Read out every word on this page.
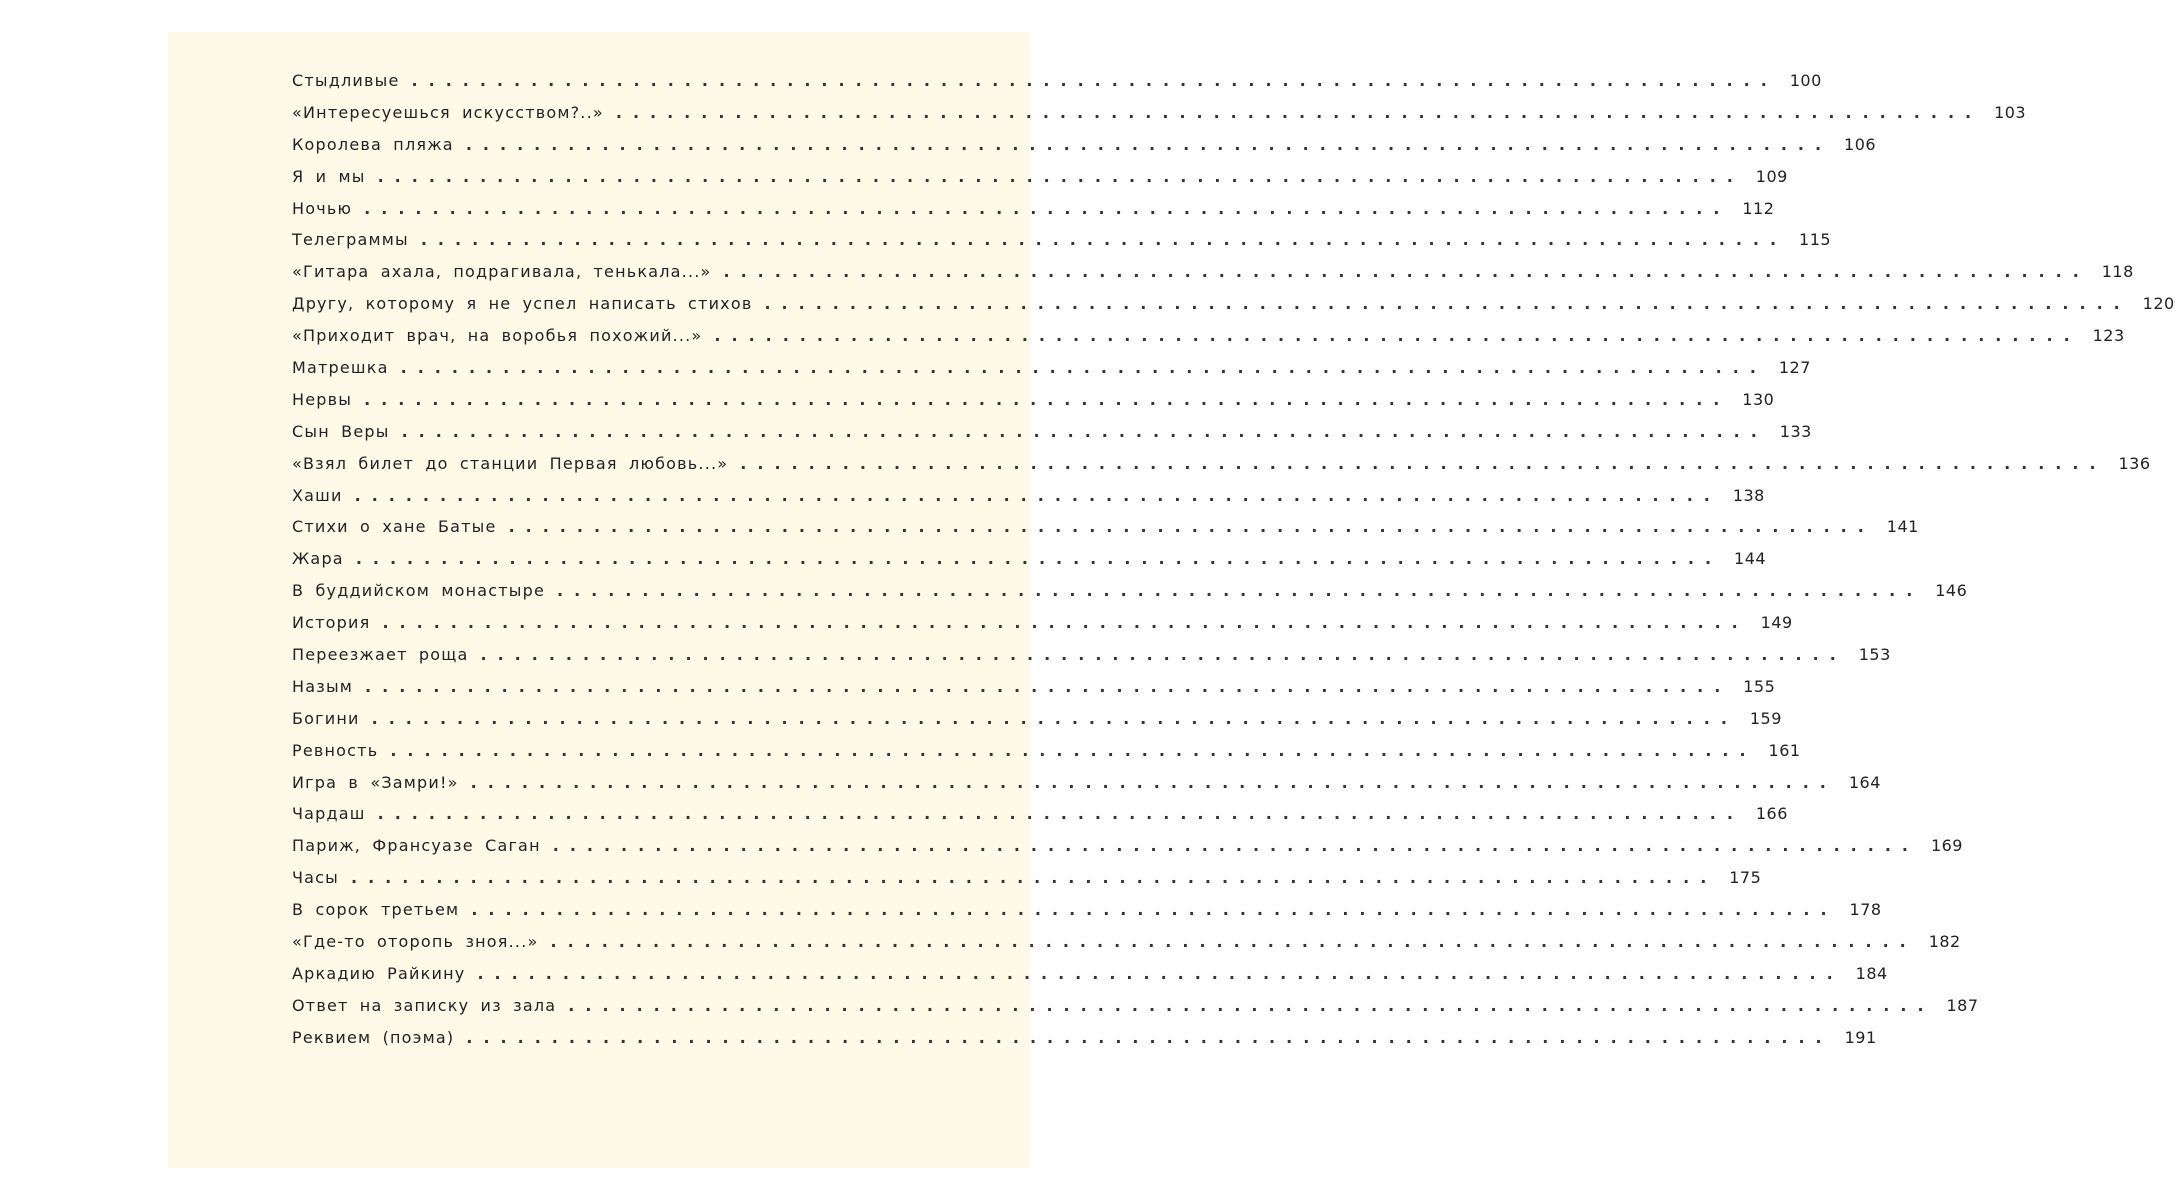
Стыдливые ................................................................................ 100
«Интересуешься искусством?..» ................................................................................ 103
Королева пляжа ................................................................................ 106
Я и мы ................................................................................ 109
Ночью ................................................................................ 112
Телеграммы ................................................................................ 115
«Гитара ахала, подрагивала, тенькала...» ................................................................................ 118
Другу, которому я не успел написать стихов ................................................................................ 120
«Приходит врач, на воробья похожий...» ................................................................................ 123
Матрешка ................................................................................ 127
Нервы ................................................................................ 130
Сын Веры ................................................................................ 133
«Взял билет до станции Первая любовь...» ................................................................................ 136
Хаши ................................................................................ 138
Стихи о хане Батые ................................................................................ 141
Жара ................................................................................ 144
В буддийском монастыре ................................................................................ 146
История ................................................................................ 149
Переезжает роща ................................................................................ 153
Назым ................................................................................ 155
Богини ................................................................................ 159
Ревность ................................................................................ 161
Игра в «Замри!» ................................................................................ 164
Чардаш ................................................................................ 166
Париж, Франсуазе Саган ................................................................................ 169
Часы ................................................................................ 175
В сорок третьем ................................................................................ 178
«Где-то оторопь зноя...» ................................................................................ 182
Аркадию Райкину ................................................................................ 184
Ответ на записку из зала ................................................................................ 187
Реквием (поэма) ................................................................................ 191
